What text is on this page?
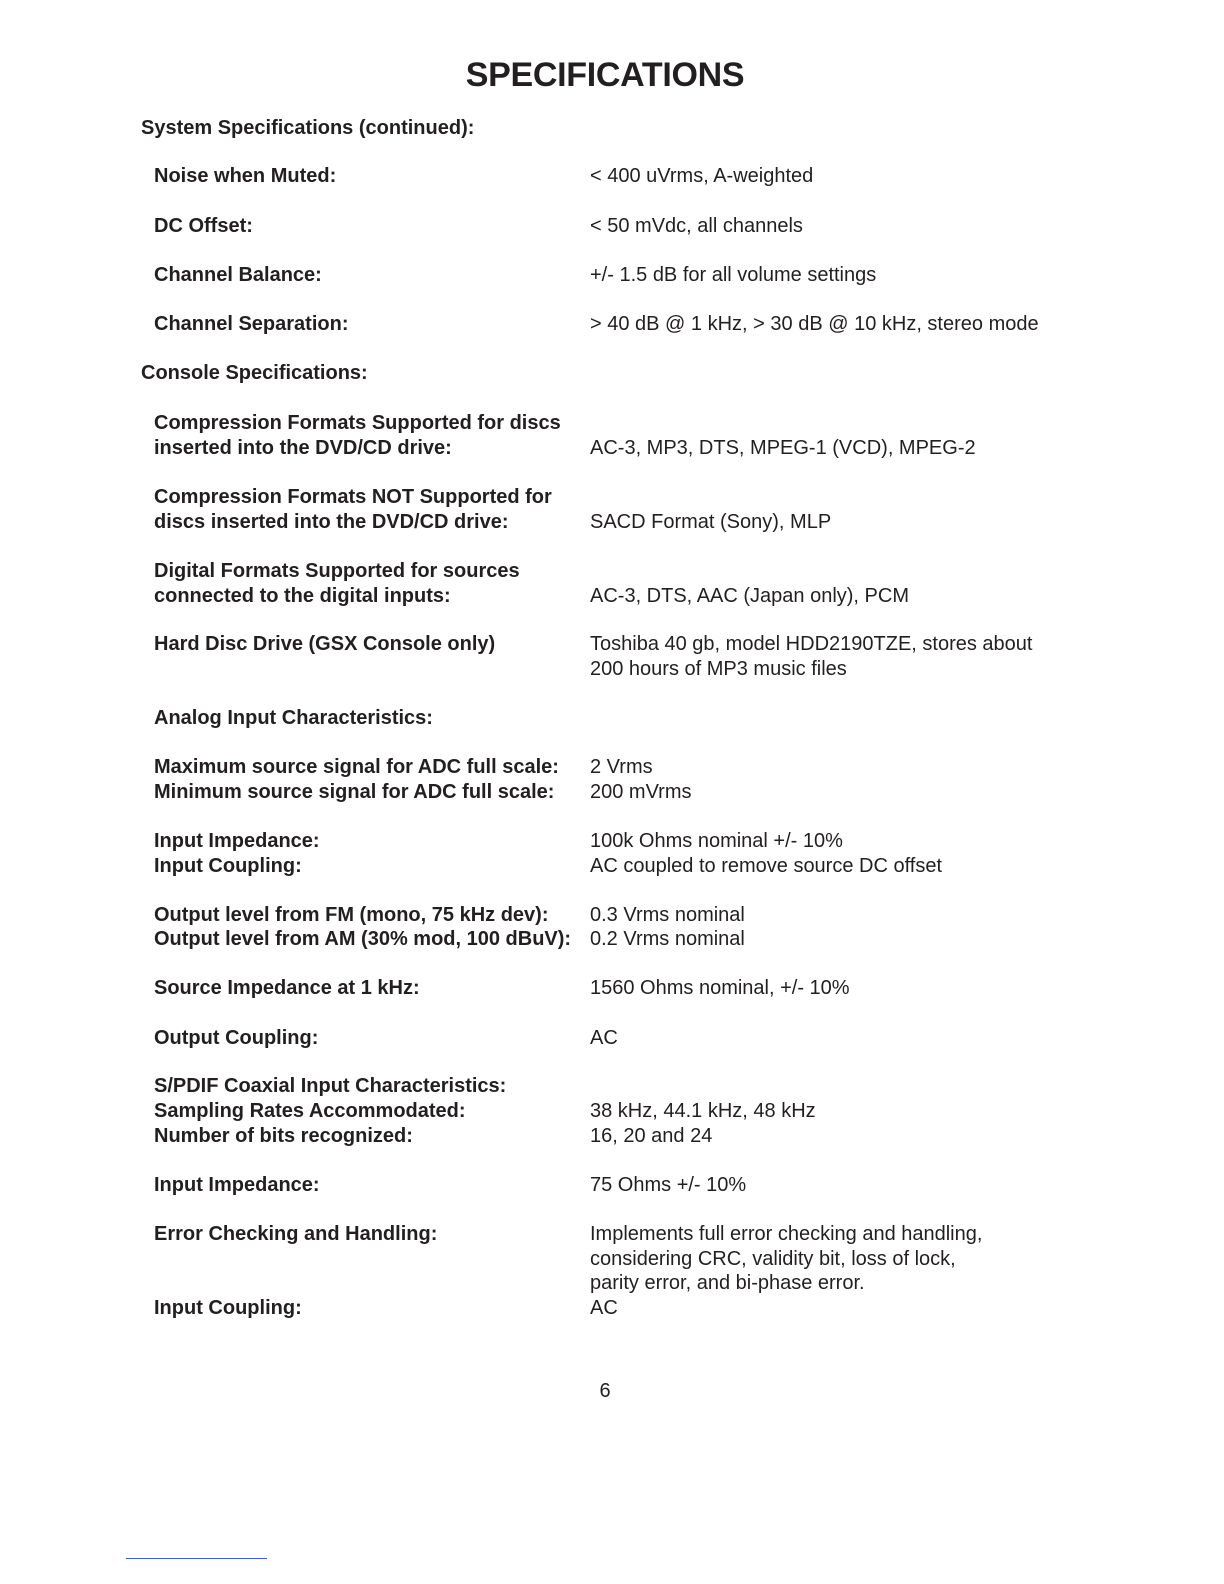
SPECIFICATIONS
System Specifications (continued):
Noise when Muted:	< 400 uVrms, A-weighted
DC Offset:	< 50 mVdc, all channels
Channel Balance:	+/- 1.5 dB for all volume settings
Channel Separation:	> 40 dB @ 1 kHz, > 30 dB @ 10 kHz, stereo mode
Console Specifications:
Compression Formats Supported for discs
inserted into the DVD/CD drive:	AC-3, MP3, DTS, MPEG-1 (VCD), MPEG-2
Compression Formats NOT Supported for
discs inserted into the DVD/CD drive:	SACD Format (Sony), MLP
Digital Formats Supported for sources
connected to the digital inputs:	AC-3, DTS, AAC (Japan only), PCM
Hard Disc Drive (GSX Console only)	Toshiba 40 gb, model HDD2190TZE, stores about
200 hours of MP3 music files
Analog Input Characteristics:
Maximum source signal for ADC full scale: 2 Vrms
Minimum source signal for ADC full scale: 200 mVrms
Input Impedance:	100k Ohms nominal +/- 10%
Input Coupling:	AC coupled to remove source DC offset
Output level from FM (mono, 75 kHz dev): 0.3 Vrms nominal
Output level from AM (30% mod, 100 dBuV): 0.2 Vrms nominal
Source Impedance at 1 kHz:	1560 Ohms nominal, +/- 10%
Output Coupling:	AC
S/PDIF Coaxial Input Characteristics:
Sampling Rates Accommodated:	38 kHz, 44.1 kHz, 48 kHz
Number of bits recognized:	16, 20 and 24
Input Impedance:	75 Ohms +/- 10%
Error Checking and Handling:	Implements full error checking and handling,
considering CRC, validity bit, loss of lock,
parity error, and bi-phase error.
Input Coupling:	AC
6
